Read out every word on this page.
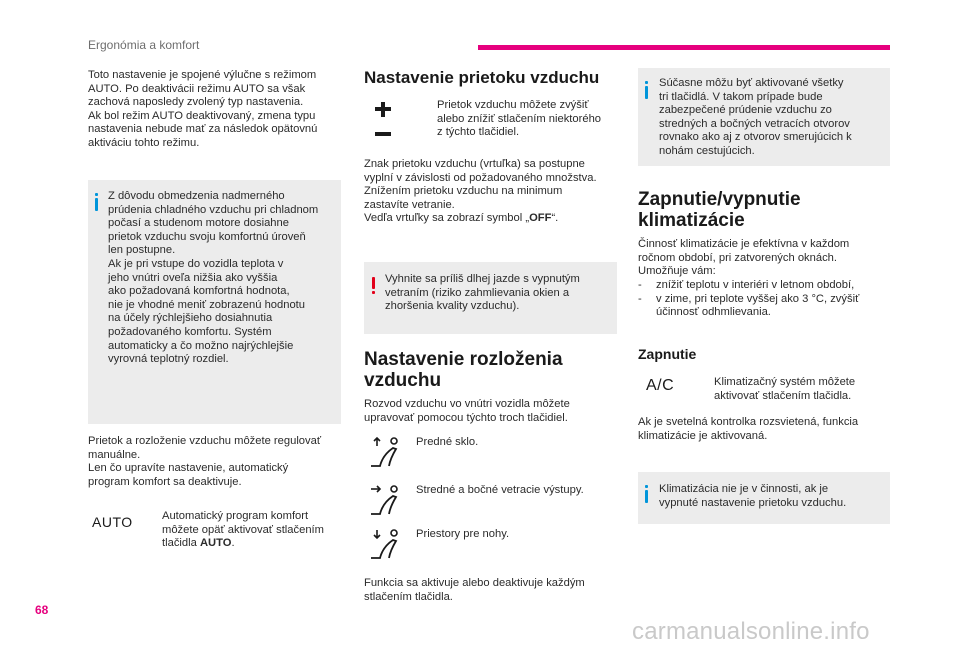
Ergonómia a komfort
68
carmanualsonline.info

Toto nastavenie je spojené výlučne s režimom

AUTO. Po deaktivácii režimu AUTO sa však

zachová naposledy zvolený typ nastavenia.

Ak bol režim AUTO deaktivovaný, zmena typu

nastavenia nebude mať za následok opätovnú

aktiváciu tohto režimu.

Z dôvodu obmedzenia nadmerného
prúdenia chladného vzduchu pri chladnom
počasí a studenom motore dosiahne
prietok vzduchu svoju komfortnú úroveň
len postupne.
Ak je pri vstupe do vozidla teplota v
jeho vnútri oveľa nižšia ako vyššia
ako požadovaná komfortná hodnota,
nie je vhodné meniť zobrazenú hodnotu
na účely rýchlejšieho dosiahnutia
požadovaného komfortu. Systém
automaticky a čo možno najrýchlejšie
vyrovná teplotný rozdiel.

Prietok a rozloženie vzduchu môžete regulovať

manuálne.

Len čo upravíte nastavenie, automatický

program komfort sa deaktivuje.

AUTO	Automatický program komfort
môžete opäť aktivovať stlačením
tlačidla AUTO.
Nastavenie prietoku vzduchu
Prietok vzduchu môžete zvýšiť
alebo znížiť stlačením niektorého
z týchto tlačidiel.
Znak prietoku vzduchu (vrtuľka) sa postupne
vyplní v závislosti od požadovaného množstva.
Znížením prietoku vzduchu na minimum
zastavíte vetranie.
Vedľa vrtuľky sa zobrazí symbol „OFF“.
Vyhnite sa príliš dlhej jazde s vypnutým
vetraním (riziko zahmlievania okien a
zhoršenia kvality vzduchu).
Nastavenie rozloženia
vzduchu
Rozvod vzduchu vo vnútri vozidla môžete
upravovať pomocou týchto troch tlačidiel.
Predné sklo.
Stredné a bočné vetracie výstupy.
Priestory pre nohy.
Funkcia sa aktivuje alebo deaktivuje každým
stlačením tlačidla.
Súčasne môžu byť aktivované všetky
tri tlačidlá. V takom prípade bude
zabezpečené prúdenie vzduchu zo
stredných a bočných vetracích otvorov
rovnako ako aj z otvorov smerujúcich k
nohám cestujúcich.
Zapnutie/vypnutie
klimatizácie
Činnosť klimatizácie je efektívna v každom
ročnom období, pri zatvorených oknách.
Umožňuje vám:
- znížiť teplotu v interiéri v letnom období,
- v zime, pri teplote vyššej ako 3 °C, zvýšiť
účinnosť odhmlievania.
Zapnutie
A/C	Klimatizačný systém môžete
aktivovať stlačením tlačidla.
Ak je svetelná kontrolka rozsvietená, funkcia
klimatizácie je aktivovaná.
Klimatizácia nie je v činnosti, ak je
vypnuté nastavenie prietoku vzduchu.
